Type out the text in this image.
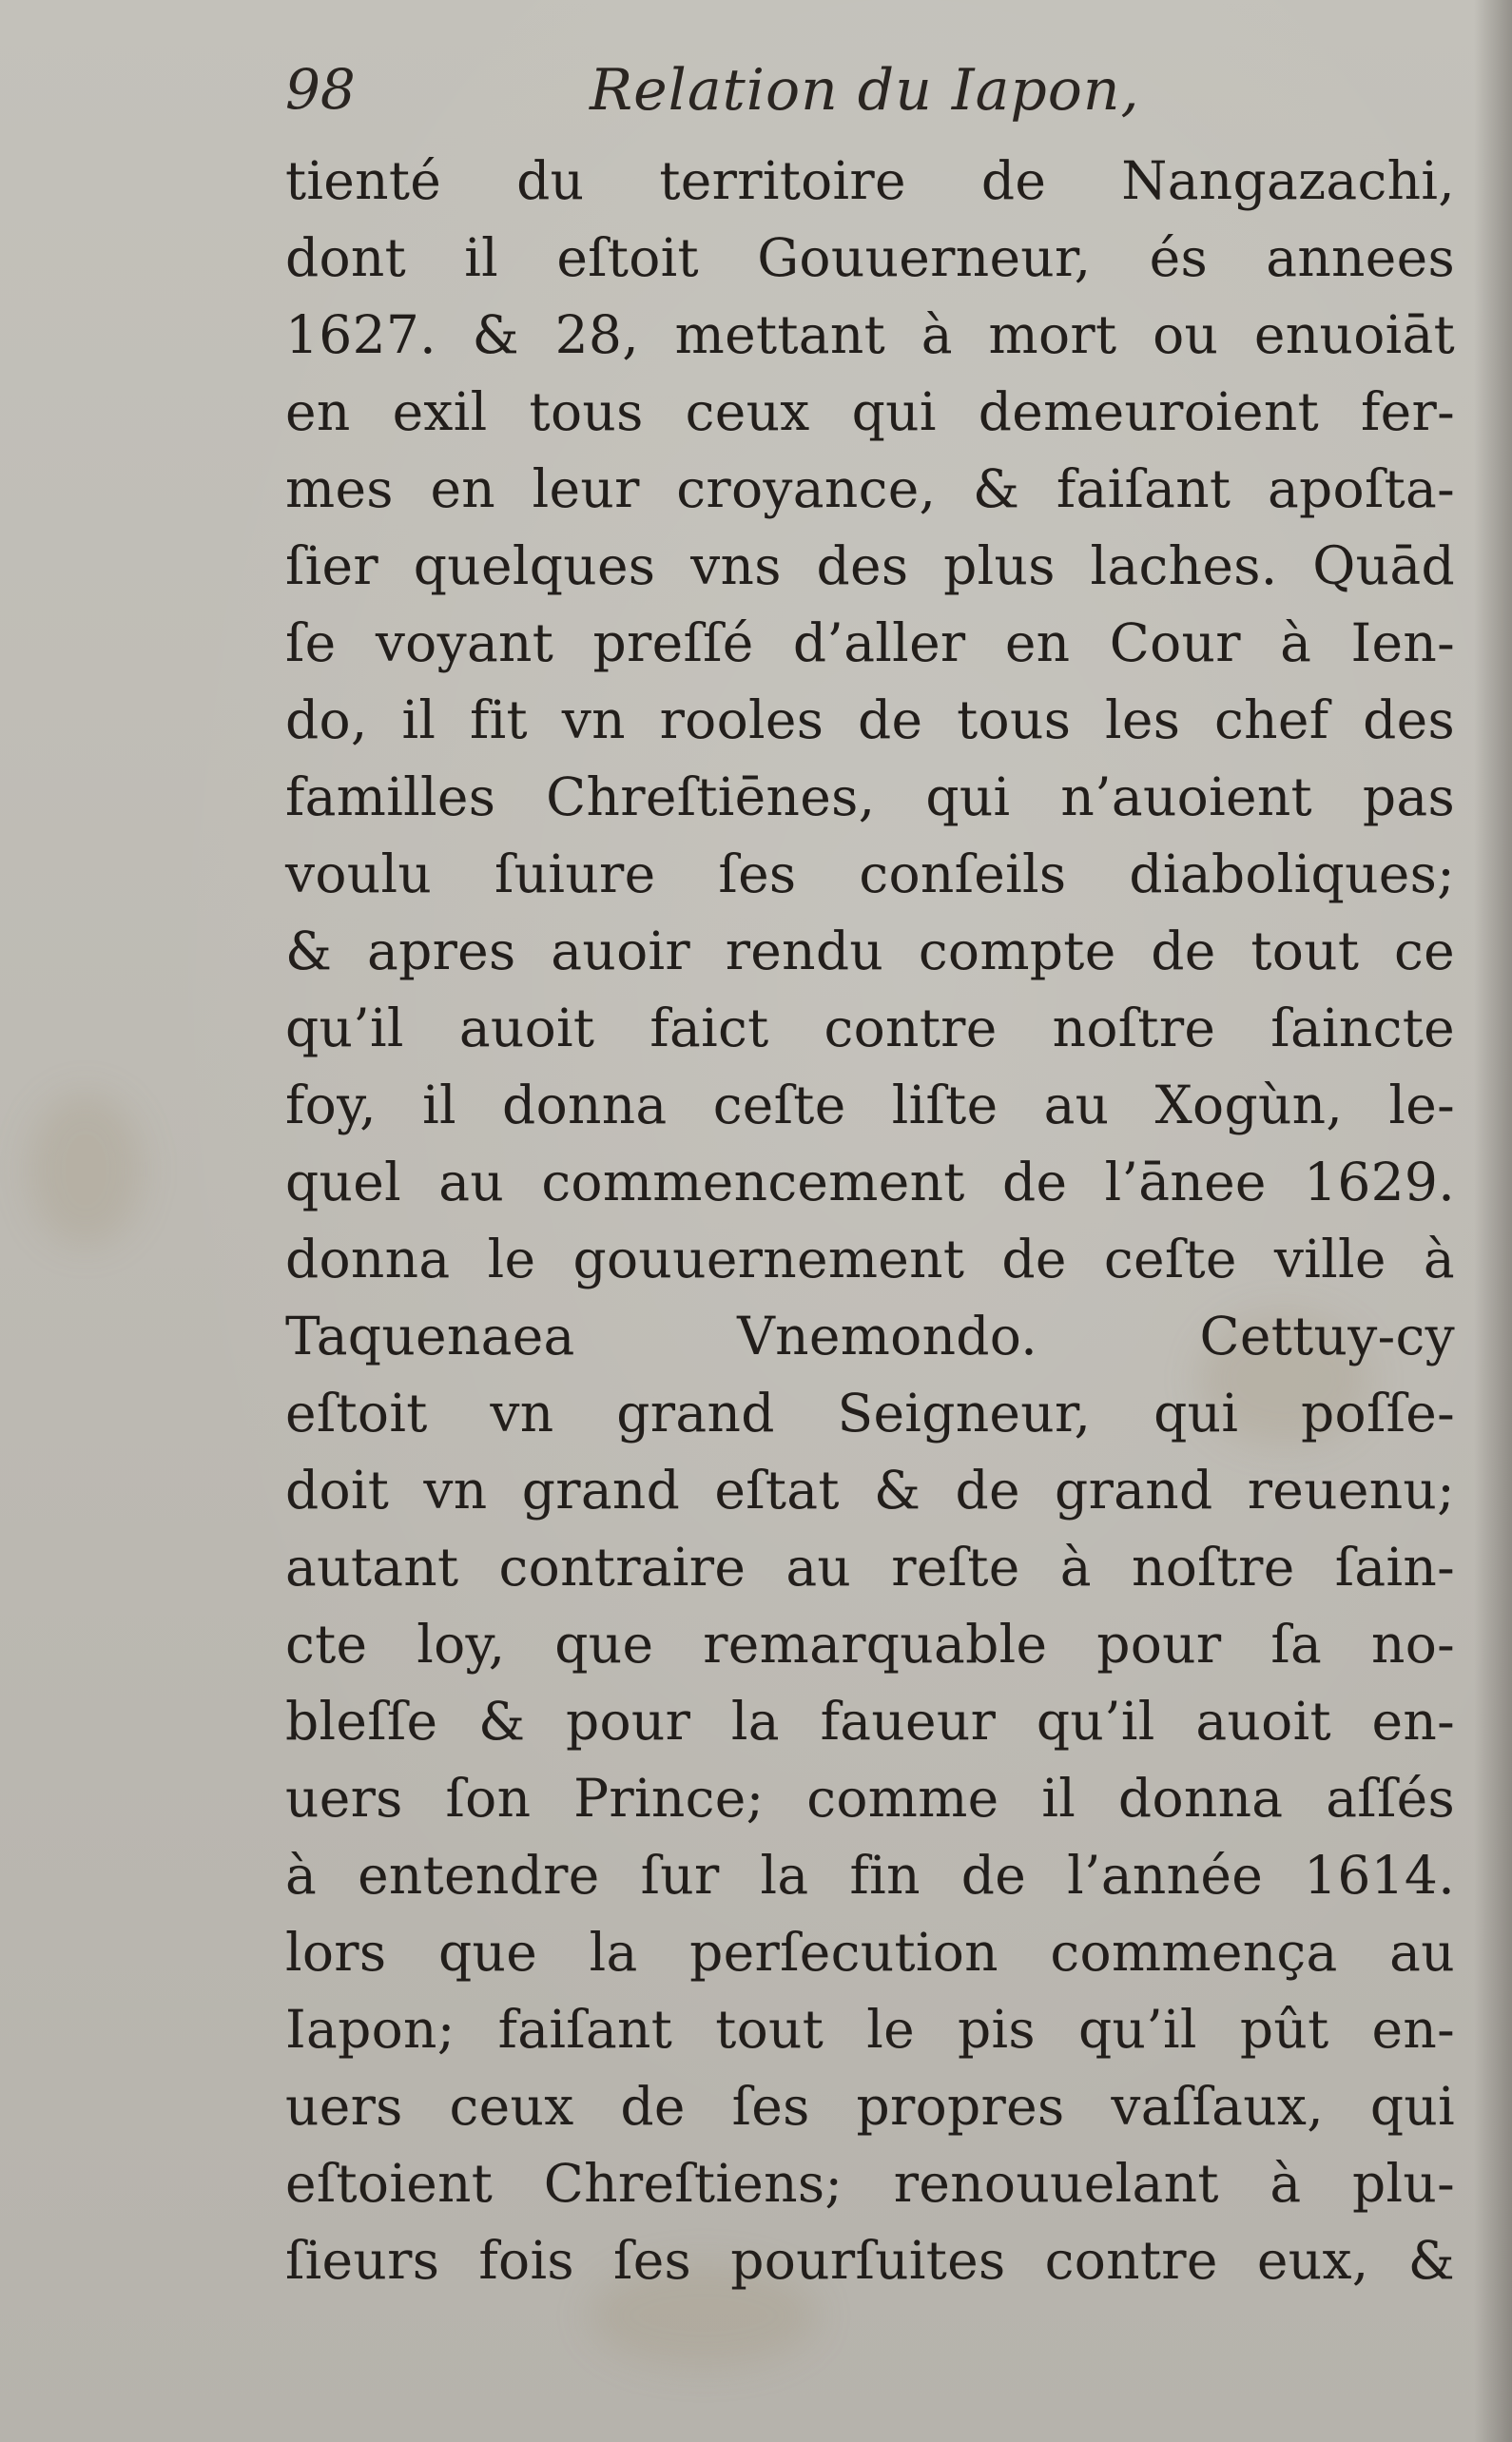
98	Relation du Iapon,
tienté du territoire de Nangazachi,
dont il eſtoit Gouuerneur, és annees
1627. & 28, mettant à mort ou enuoiāt
en exil tous ceux qui demeuroient fer-
mes en leur croyance, & faiſant apoſta-
ſier quelques vns des plus laches. Quād
ſe voyant preſſé d’aller en Cour à Ien-
do, il fit vn rooles de tous les chef des
familles Chreſtiēnes, qui n’auoient pas
voulu ſuiure ſes conſeils diaboliques;
& apres auoir rendu compte de tout ce
qu’il auoit faict contre noſtre ſaincte
foy, il donna ceſte liſte au Xogùn, le-
quel au commencement de l’ānee 1629.
donna le gouuernement de ceſte ville à
Taquenaea Vnemondo. Cettuy-cy
eſtoit vn grand Seigneur, qui poſſe-
doit vn grand eſtat & de grand reuenu;
autant contraire au reſte à noſtre ſain-
cte loy, que remarquable pour ſa no-
bleſſe & pour la faueur qu’il auoit en-
uers ſon Prince; comme il donna aſſés
à entendre ſur la fin de l’année 1614.
lors que la perſecution commença au
Iapon; faiſant tout le pis qu’il pût en-
uers ceux de ſes propres vaſſaux, qui
eſtoient Chreſtiens; renouuelant à plu-
ſieurs fois ſes pourſuites contre eux, &
